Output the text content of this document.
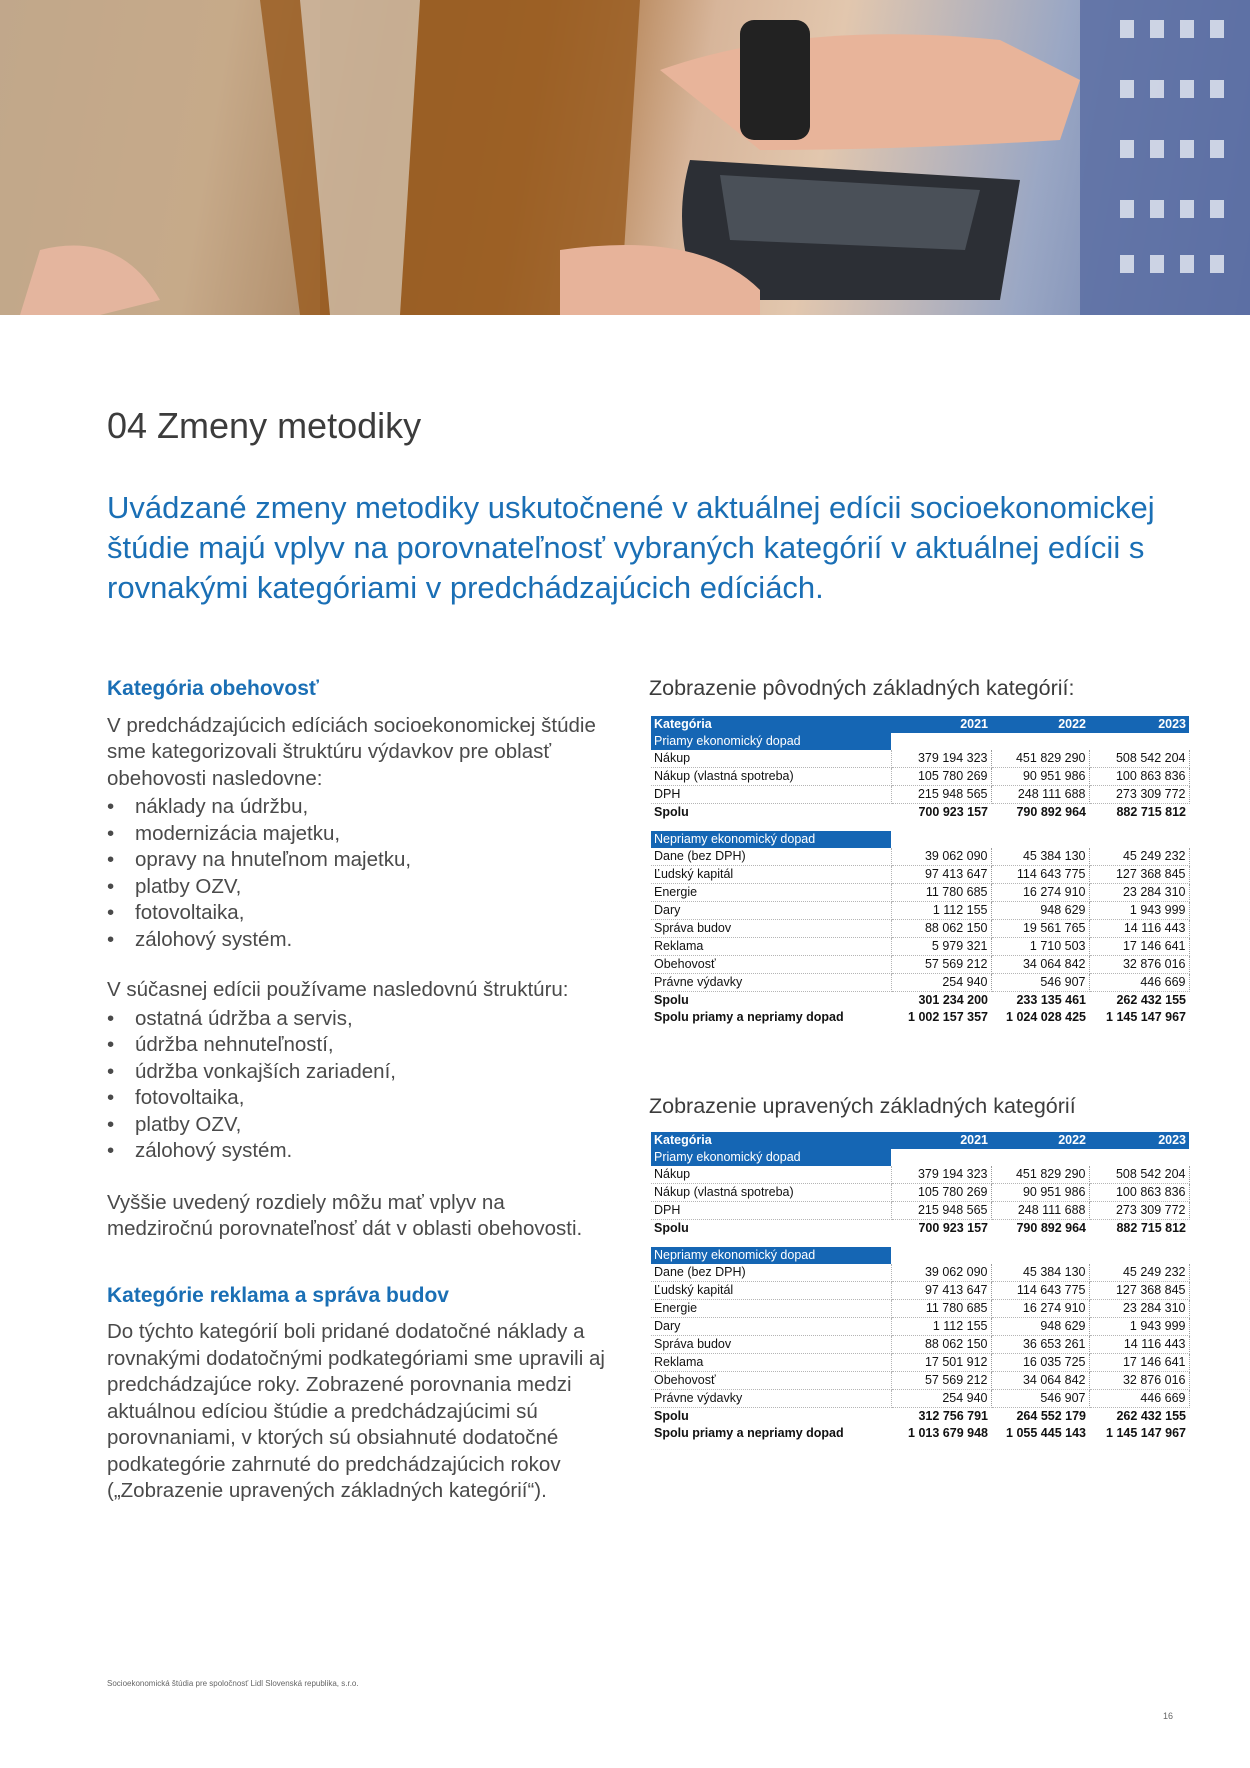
04 Zmeny metodiky
Uvádzané zmeny metodiky uskutočnené v aktuálnej edícii socioekonomickej štúdie majú vplyv na porovnateľnosť vybraných kategórií v aktuálnej edícii s rovnakými kategóriami v predchádzajúcich edíciách.
Kategória obehovosť

V predchádzajúcich edíciách socioekonomickej štúdie sme kategorizovali štruktúru výdavkov pre oblasť obehovosti nasledovne:

• náklady na údržbu,
• modernizácia majetku,
• opravy na hnuteľnom majetku,
• platby OZV,
• fotovoltaika,
• zálohový systém.

V súčasnej edícii používame nasledovnú štruktúru:

• ostatná údržba a servis,
• údržba nehnuteľností,
• údržba vonkajších zariadení,
• fotovoltaika,
• platby OZV,
• zálohový systém.

Vyššie uvedený rozdiely môžu mať vplyv na medziročnú porovnateľnosť dát v oblasti obehovosti.

Kategórie reklama a správa budov

Do týchto kategórií boli pridané dodatočné náklady a rovnakými dodatočnými podkategóriami sme upravili aj predchádzajúce roky. Zobrazené porovnania medzi aktuálnou edíciou štúdie a predchádzajúcimi sú porovnaniami, v ktorých sú obsiahnuté dodatočné podkategórie zahrnuté do predchádzajúcich rokov („Zobrazenie upravených základných kategórií“).

Zobrazenie pôvodných základných kategórií:
Kategória	2021	2022	2023
Priamy ekonomický dopad			
Nákup	379 194 323	451 829 290	508 542 204
Nákup (vlastná spotreba)	105 780 269	90 951 986	100 863 836
DPH	215 948 565	248 111 688	273 309 772
Spolu	700 923 157	790 892 964	882 715 812

Nepriamy ekonomický dopad			
Dane (bez DPH)	39 062 090	45 384 130	45 249 232
Ľudský kapitál	97 413 647	114 643 775	127 368 845
Energie	11 780 685	16 274 910	23 284 310
Dary	1 112 155	948 629	1 943 999
Správa budov	88 062 150	19 561 765	14 116 443
Reklama	5 979 321	1 710 503	17 146 641
Obehovosť	57 569 212	34 064 842	32 876 016
Právne výdavky	254 940	546 907	446 669
Spolu	301 234 200	233 135 461	262 432 155
Spolu priamy a nepriamy dopad	1 002 157 357	1 024 028 425	1 145 147 967
Zobrazenie upravených základných kategórií
Kategória	2021	2022	2023
Priamy ekonomický dopad			
Nákup	379 194 323	451 829 290	508 542 204
Nákup (vlastná spotreba)	105 780 269	90 951 986	100 863 836
DPH	215 948 565	248 111 688	273 309 772
Spolu	700 923 157	790 892 964	882 715 812

Nepriamy ekonomický dopad			
Dane (bez DPH)	39 062 090	45 384 130	45 249 232
Ľudský kapitál	97 413 647	114 643 775	127 368 845
Energie	11 780 685	16 274 910	23 284 310
Dary	1 112 155	948 629	1 943 999
Správa budov	88 062 150	36 653 261	14 116 443
Reklama	17 501 912	16 035 725	17 146 641
Obehovosť	57 569 212	34 064 842	32 876 016
Právne výdavky	254 940	546 907	446 669
Spolu	312 756 791	264 552 179	262 432 155
Spolu priamy a nepriamy dopad	1 013 679 948	1 055 445 143	1 145 147 967
Socioekonomická štúdia pre spoločnosť Lidl Slovenská republika, s.r.o.
16
